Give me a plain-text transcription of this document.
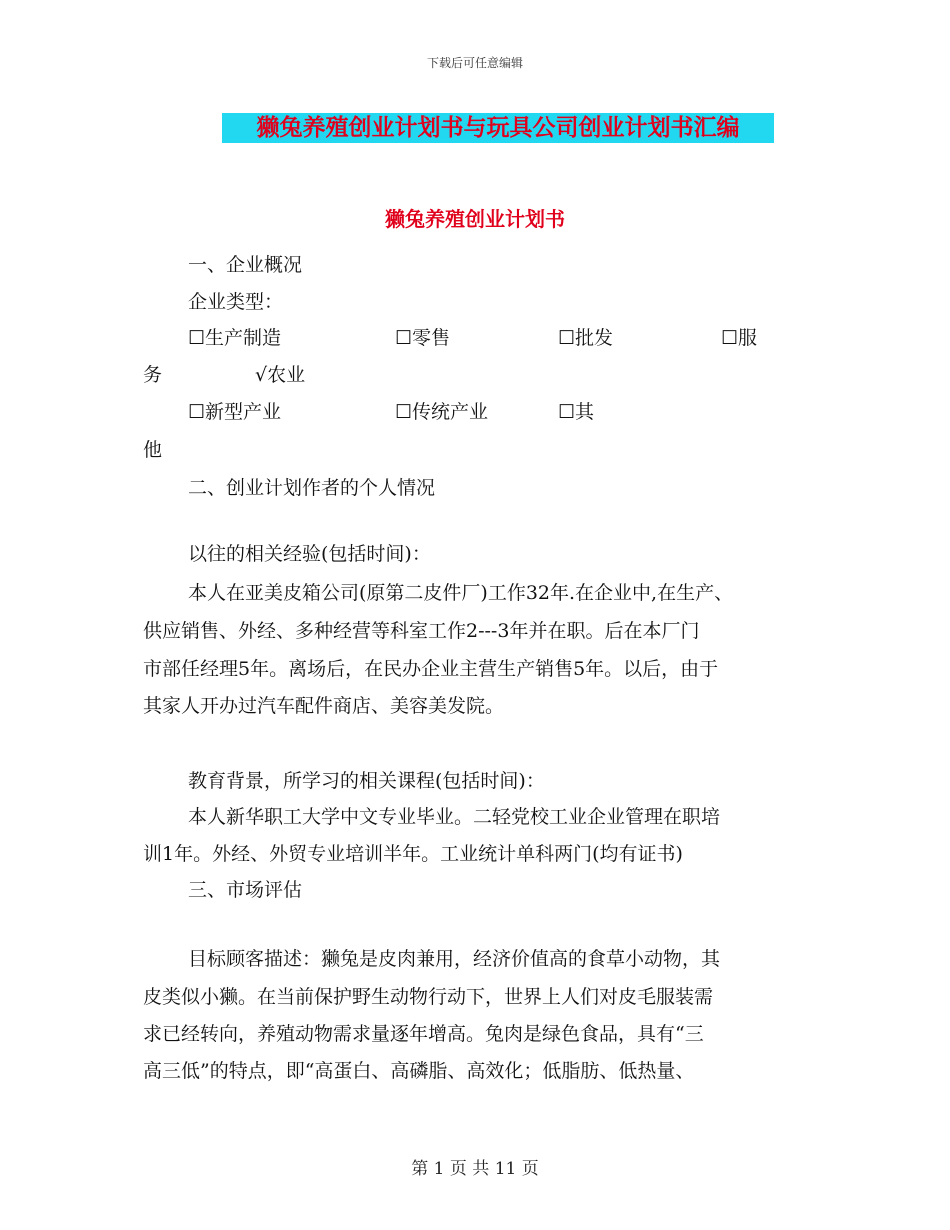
下载后可任意编辑
獭兔养殖创业计划书与玩具公司创业计划书汇编
獭兔养殖创业计划书
一、企业概况
企业类型：
☐生产制造	☐零售	☐批发	☐服
务	√农业
☐新型产业	☐传统产业	☐其
他
二、创业计划作者的个人情况
以往的相关经验(包括时间)：
本人在亚美皮箱公司(原第二皮件厂)工作32年.在企业中,在生产、
供应销售、外经、多种经营等科室工作2---3年并在职。后在本厂门
市部任经理5年。离场后，在民办企业主营生产销售5年。以后，由于
其家人开办过汽车配件商店、美容美发院。
教育背景，所学习的相关课程(包括时间)：
本人新华职工大学中文专业毕业。二轻党校工业企业管理在职培
训1年。外经、外贸专业培训半年。工业统计单科两门(均有证书)
三、市场评估
目标顾客描述：獭兔是皮肉兼用，经济价值高的食草小动物，其
皮类似小獭。在当前保护野生动物行动下，世界上人们对皮毛服装需
求已经转向，养殖动物需求量逐年增高。兔肉是绿色食品，具有“三
高三低”的特点，即“高蛋白、高磷脂、高效化；低脂肪、低热量、
第 1 页 共 11 页
